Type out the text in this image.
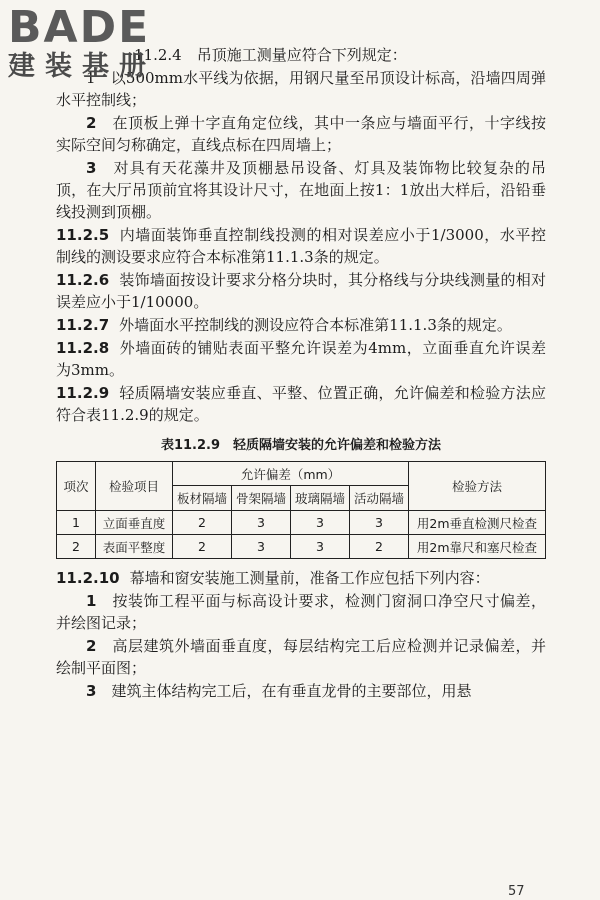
BADE
建装基册

11.2.4　吊顶施工测量应符合下列规定：

1　以500mm水平线为依据，用钢尺量至吊顶设计标高，沿墙四周弹水平控制线；

2　 在顶板上弹十字直角定位线，其中一条应与墙面平行，十字线按实际空间匀称确定，直线点标在四周墙上；

3　 对具有天花藻井及顶棚悬吊设备、灯具及装饰物比较复杂的吊顶，在大厅吊顶前宜将其设计尺寸，在地面上按1：1放出大样后，沿铅垂线投测到顶棚。

11.2.5 内墙面装饰垂直控制线投测的相对误差应小于1/3000，水平控制线的测设要求应符合本标准第11.1.3条的规定。

11.2.6 装饰墙面按设计要求分格分块时，其分格线与分块线测量的相对误差应小于1/10000。

11.2.7 外墙面水平控制线的测设应符合本标准第11.1.3条的规定。

11.2.8 外墙面砖的铺贴表面平整允许误差为4mm，立面垂直允许误差为3mm。

11.2.9 轻质隔墙安装应垂直、平整、位置正确，允许偏差和检验方法应符合表11.2.9的规定。

表11.2.9　轻质隔墙安装的允许偏差和检验方法
项次	检验项目	允许偏差（mm）				检验方法
		板材隔墙	骨架隔墙	玻璃隔墙	活动隔墙	
1	立面垂直度	2	3	3	3	用2m垂直检测尺检查
2	表面平整度	2	3	3	2	用2m靠尺和塞尺检查

11.2.10 幕墙和窗安装施工测量前，准备工作应包括下列内容：

1　 按装饰工程平面与标高设计要求，检测门窗洞口净空尺寸偏差，并绘图记录；

2　 高层建筑外墙面垂直度，每层结构完工后应检测并记录偏差，并绘制平面图；

3　 建筑主体结构完工后，在有垂直龙骨的主要部位，用悬

57
